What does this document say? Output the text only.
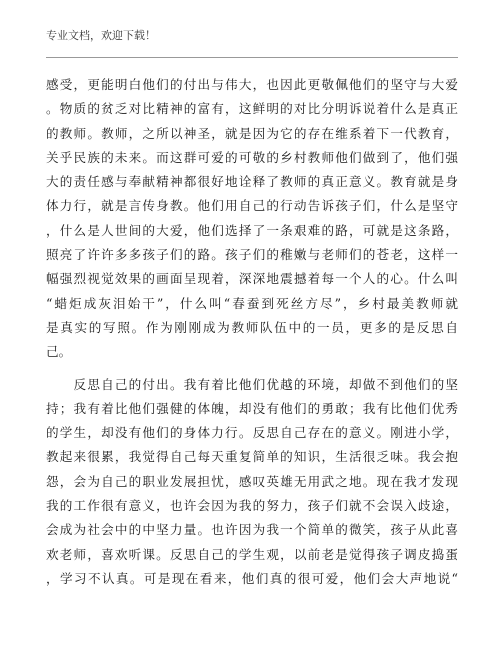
专业文档，欢迎下载！
感受，更能明白他们的付出与伟大，也因此更敬佩他们的坚守与大爱
。物质的贫乏对比精神的富有，这鲜明的对比分明诉说着什么是真正
的教师。教师，之所以神圣，就是因为它的存在维系着下一代教育，
关乎民族的未来。而这群可爱的可敬的乡村教师他们做到了，他们强
大的责任感与奉献精神都很好地诠释了教师的真正意义。教育就是身
体力行，就是言传身教。他们用自己的行动告诉孩子们，什么是坚守
，什么是人世间的大爱，他们选择了一条艰难的路，可就是这条路，
照亮了许许多多孩子们的路。孩子们的稚嫩与老师们的苍老，这样一
幅强烈视觉效果的画面呈现着，深深地震撼着每一个人的心。什么叫
“蜡炬成灰泪始干”，什么叫“春蚕到死丝方尽”，乡村最美教师就
是真实的写照。作为刚刚成为教师队伍中的一员，更多的是反思自
己。
　　反思自己的付出。我有着比他们优越的环境，却做不到他们的坚
持；我有着比他们强健的体魄，却没有他们的勇敢；我有比他们优秀
的学生，却没有他们的身体力行。反思自己存在的意义。刚进小学，
教起来很累，我觉得自己每天重复简单的知识，生活很乏味。我会抱
怨，会为自己的职业发展担忧，感叹英雄无用武之地。现在我才发现
我的工作很有意义，也许会因为我的努力，孩子们就不会误入歧途，
会成为社会中的中坚力量。也许因为我一个简单的微笑，孩子从此喜
欢老师，喜欢听课。反思自己的学生观，以前老是觉得孩子调皮捣蛋
，学习不认真。可是现在看来，他们真的很可爱，他们会大声地说“
